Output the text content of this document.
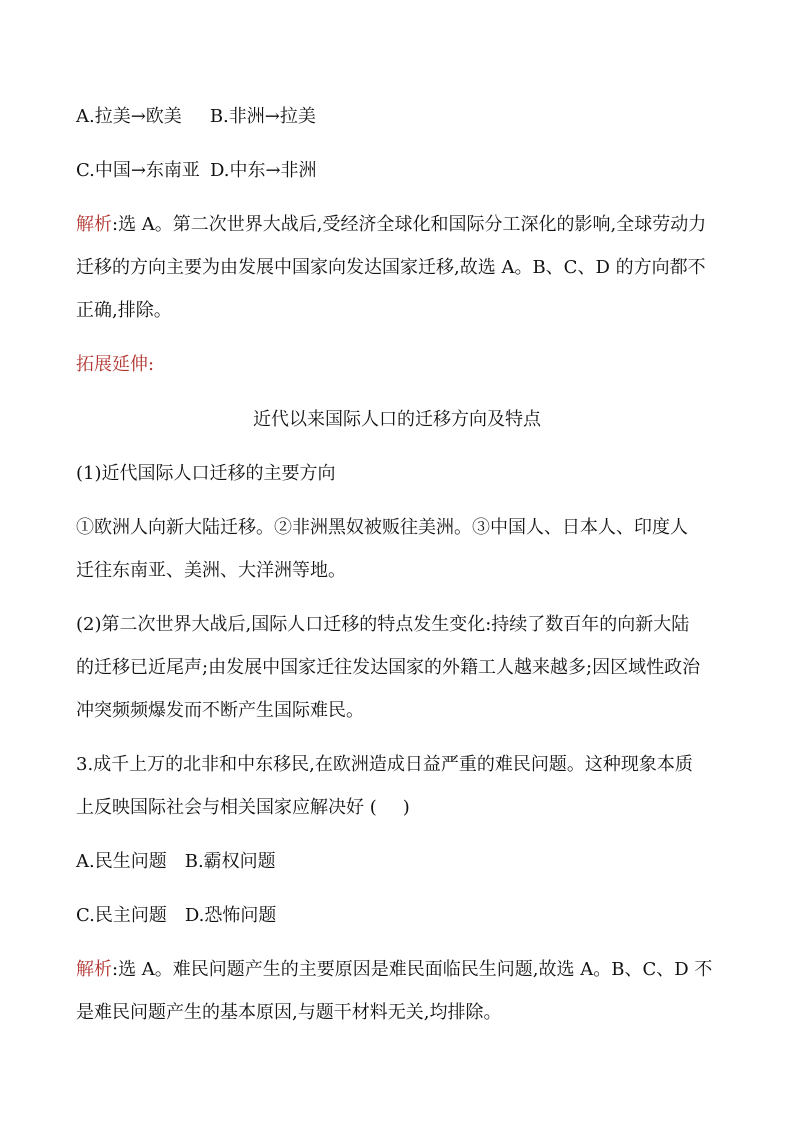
A.拉美→欧美 B.非洲→拉美
C.中国→东南亚 D.中东→非洲
解析:选 A。第二次世界大战后,受经济全球化和国际分工深化的影响,全球劳动力
迁移的方向主要为由发展中国家向发达国家迁移,故选 A。B、C、D 的方向都不
正确,排除。
拓展延伸:
近代以来国际人口的迁移方向及特点
(1)近代国际人口迁移的主要方向
①欧洲人向新大陆迁移。②非洲黑奴被贩往美洲。③中国人、日本人、印度人
迁往东南亚、美洲、大洋洲等地。
(2)第二次世界大战后,国际人口迁移的特点发生变化:持续了数百年的向新大陆
的迁移已近尾声;由发展中国家迁往发达国家的外籍工人越来越多;因区域性政治
冲突频频爆发而不断产生国际难民。
3.成千上万的北非和中东移民,在欧洲造成日益严重的难民问题。这种现象本质
上反映国际社会与相关国家应解决好 ( )
A.民生问题 B.霸权问题
C.民主问题 D.恐怖问题
解析:选 A。难民问题产生的主要原因是难民面临民生问题,故选 A。B、C、D 不
是难民问题产生的基本原因,与题干材料无关,均排除。
